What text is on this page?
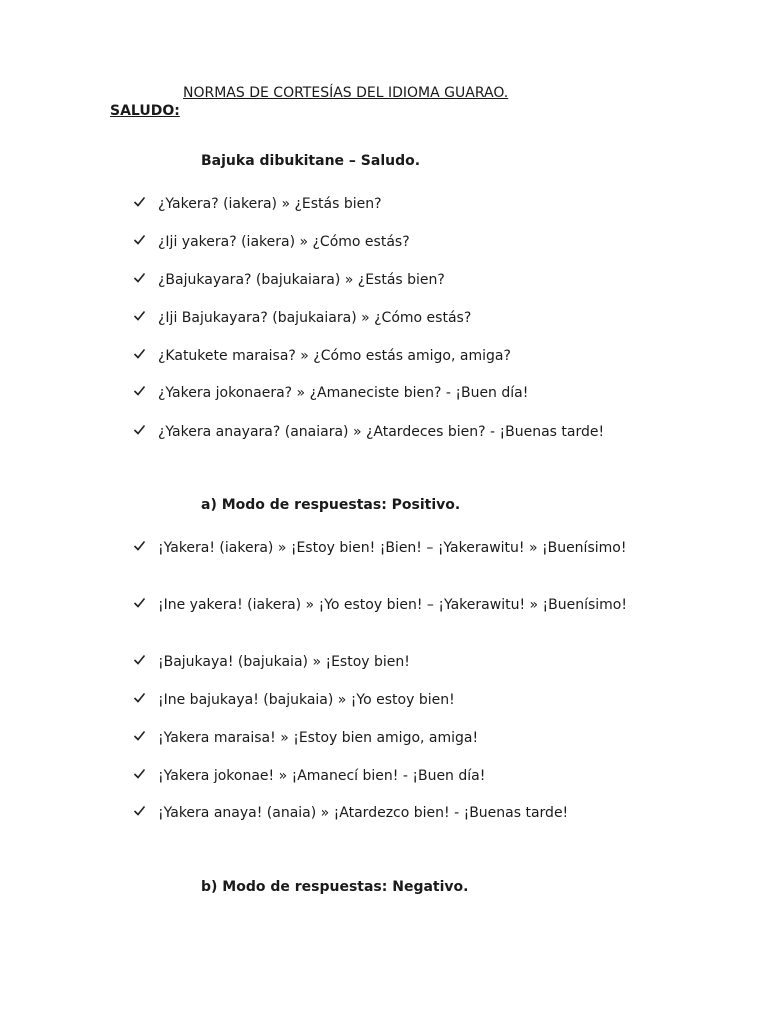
NORMAS DE CORTESÍAS DEL IDIOMA GUARAO.
SALUDO:
Bajuka dibukitane – Saludo.
¿Yakera? (iakera) » ¿Estás bien?
¿Iji yakera? (iakera) » ¿Cómo estás?
¿Bajukayara? (bajukaiara) » ¿Estás bien?
¿Iji Bajukayara? (bajukaiara) » ¿Cómo estás?
¿Katukete maraisa? » ¿Cómo estás amigo, amiga?
¿Yakera jokonaera? » ¿Amaneciste bien? - ¡Buen día!
¿Yakera anayara? (anaiara) » ¿Atardeces bien? - ¡Buenas tarde!
a) Modo de respuestas: Positivo.
¡Yakera! (iakera) » ¡Estoy bien! ¡Bien! – ¡Yakerawitu! » ¡Buenísimo!
¡Ine yakera! (iakera) » ¡Yo estoy bien! – ¡Yakerawitu! » ¡Buenísimo!
¡Bajukaya! (bajukaia) » ¡Estoy bien!
¡Ine bajukaya! (bajukaia) » ¡Yo estoy bien!
¡Yakera maraisa! » ¡Estoy bien amigo, amiga!
¡Yakera jokonae! » ¡Amanecí bien! - ¡Buen día!
¡Yakera anaya! (anaia) » ¡Atardezco bien! - ¡Buenas tarde!
b) Modo de respuestas: Negativo.
